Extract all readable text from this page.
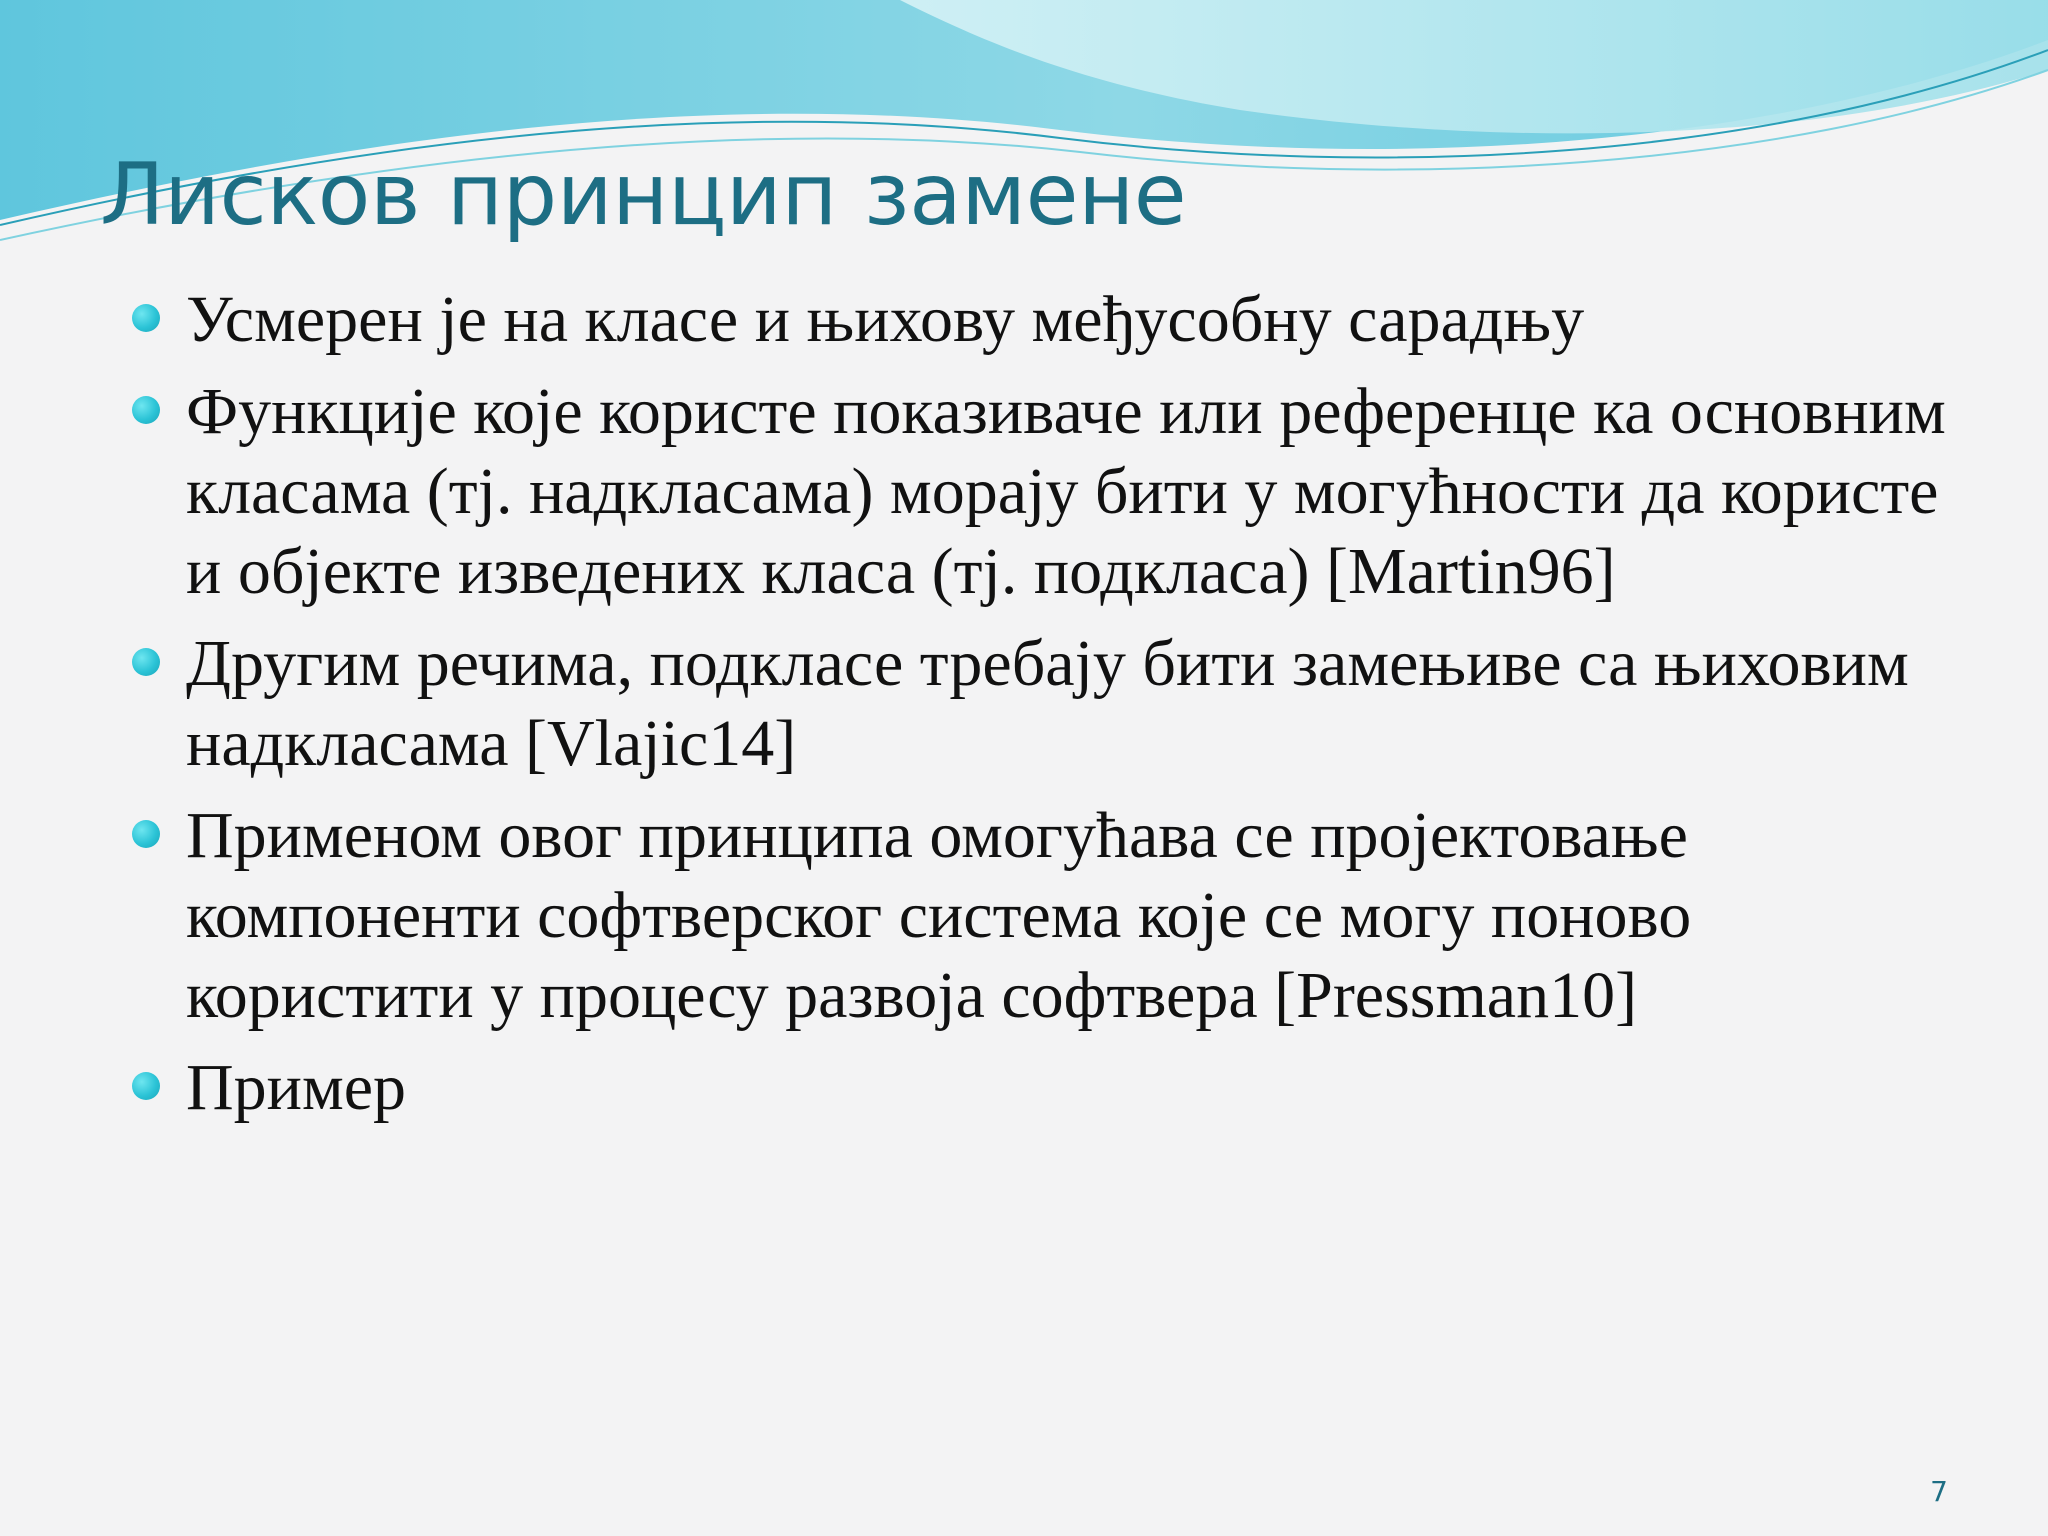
Лисков принцип замене
Усмерен је на класе и њихову међусобну сарадњу
Функције које користе показиваче или референце ка основним класама (тј. надкласама) морају бити у могућности да користе и објекте изведених класа (тј. подкласа) [Martin96]
Другим речима, подкласе требају бити замењиве са њиховим надкласама [Vlajic14]
Применом овог принципа омогућава се пројектовање компоненти софтверског система које се могу поново користити у процесу развоја софтвера [Pressman10]
Пример
7
